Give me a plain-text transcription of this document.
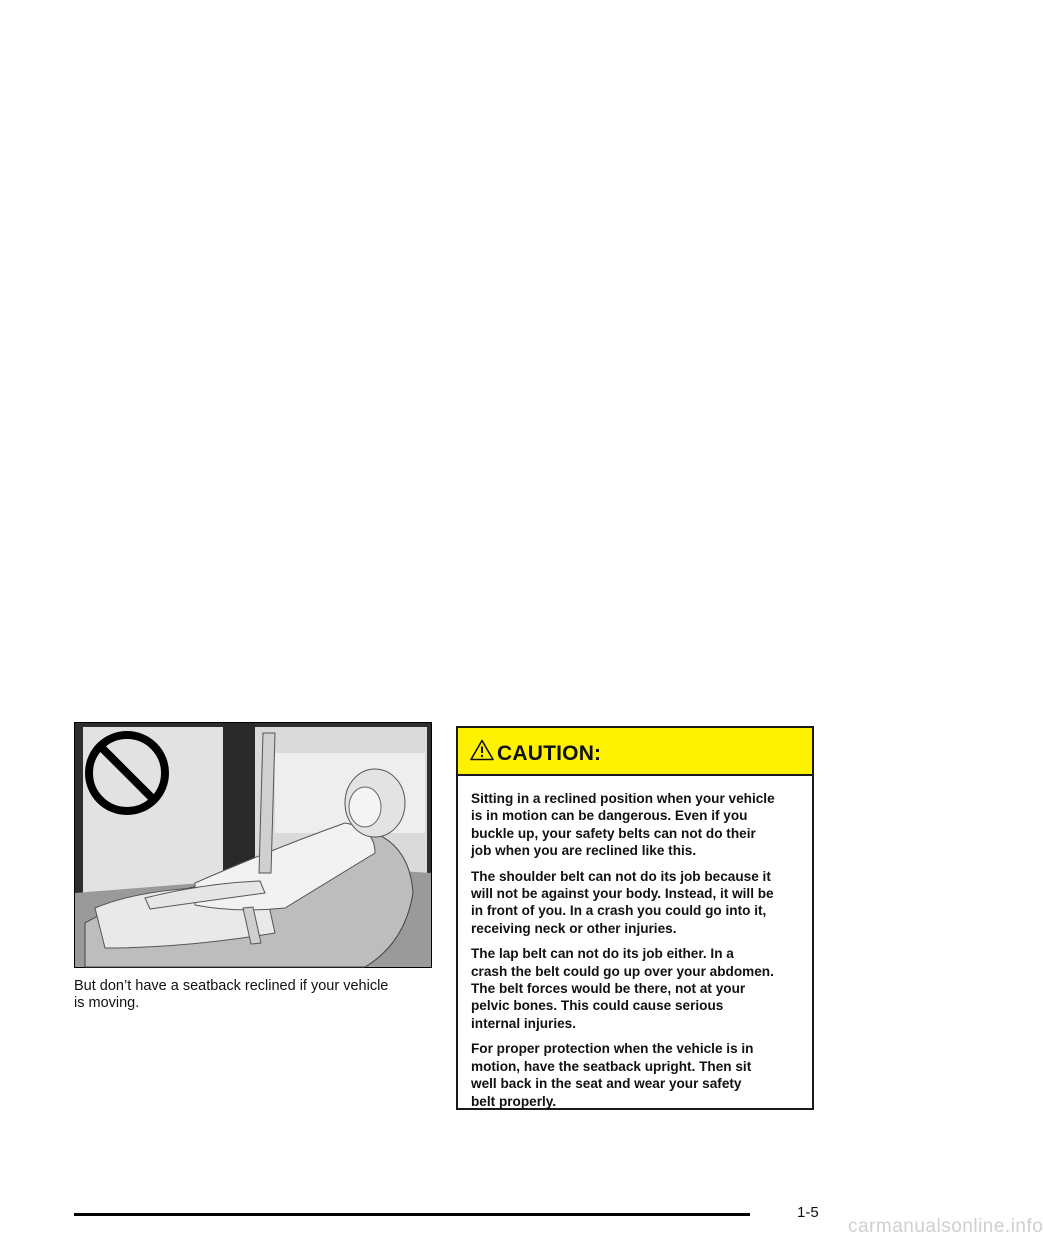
But don’t have a seatback reclined if your vehicle
is moving.

CAUTION:

Sitting in a reclined position when your vehicle
is in motion can be dangerous. Even if you
buckle up, your safety belts can not do their
job when you are reclined like this.

The shoulder belt can not do its job because it
will not be against your body. Instead, it will be
in front of you. In a crash you could go into it,
receiving neck or other injuries.

The lap belt can not do its job either. In a
crash the belt could go up over your abdomen.
The belt forces would be there, not at your
pelvic bones. This could cause serious
internal injuries.

For proper protection when the vehicle is in
motion, have the seatback upright. Then sit
well back in the seat and wear your safety
belt properly.

1-5
carmanualsonline.info
